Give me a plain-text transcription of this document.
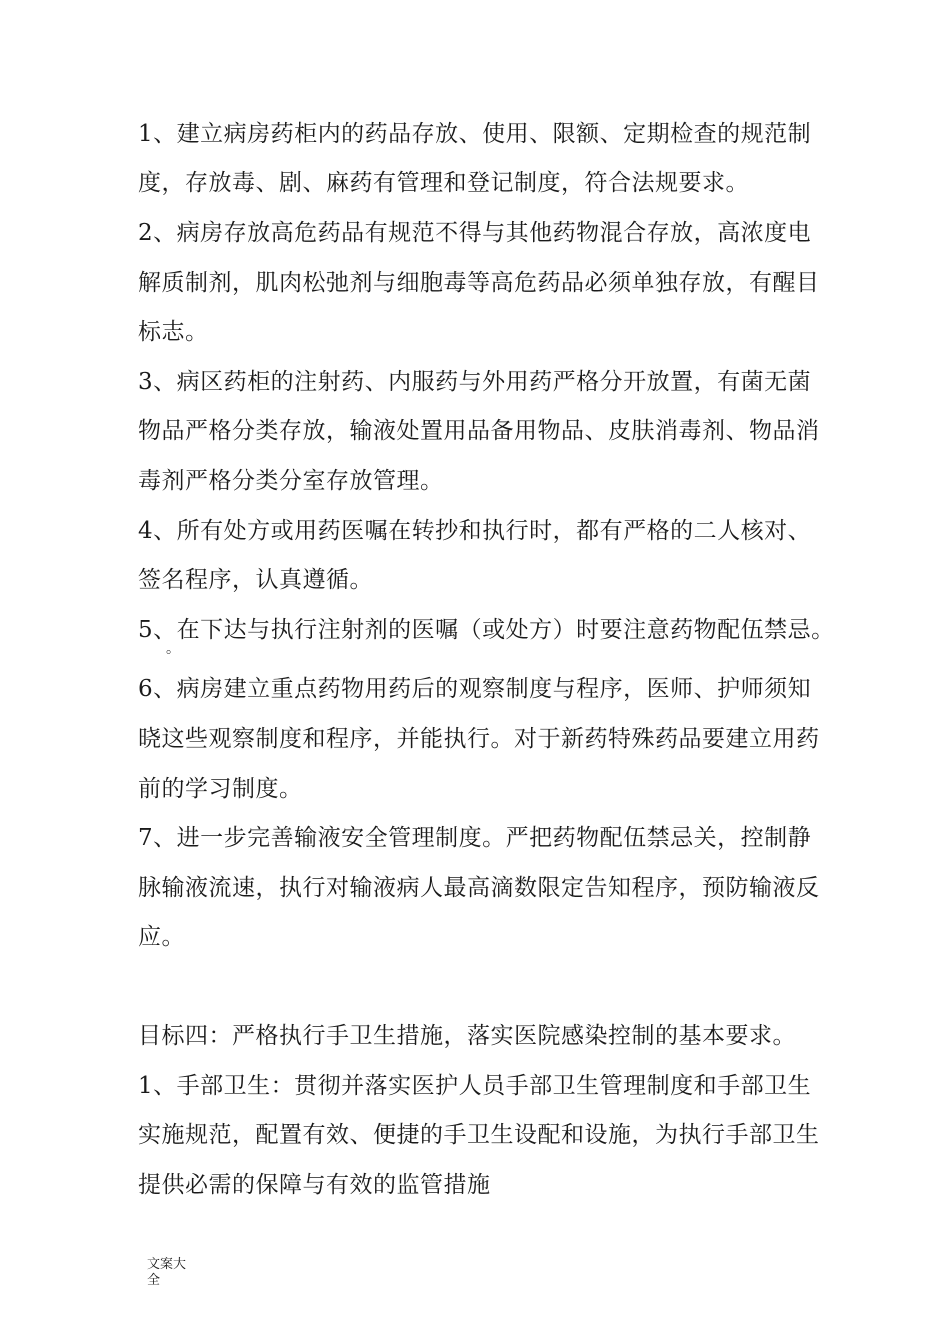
1、建立病房药柜内的药品存放、使用、限额、定期检查的规范制
度，存放毒、剧、麻药有管理和登记制度，符合法规要求。
2、病房存放高危药品有规范不得与其他药物混合存放，高浓度电
解质制剂，肌肉松弛剂与细胞毒等高危药品必须单独存放，有醒目
标志。
3、病区药柜的注射药、内服药与外用药严格分开放置，有菌无菌
物品严格分类存放，输液处置用品备用物品、皮肤消毒剂、物品消
毒剂严格分类分室存放管理。
4、所有处方或用药医嘱在转抄和执行时，都有严格的二人核对、
签名程序，认真遵循。
5、在下达与执行注射剂的医嘱（或处方）时要注意药物配伍禁忌。
。
6、病房建立重点药物用药后的观察制度与程序，医师、护师须知
晓这些观察制度和程序，并能执行。对于新药特殊药品要建立用药
前的学习制度。
7、进一步完善输液安全管理制度。严把药物配伍禁忌关，控制静
脉输液流速，执行对输液病人最高滴数限定告知程序，预防输液反
应。
目标四：严格执行手卫生措施，落实医院感染控制的基本要求。
1、手部卫生：贯彻并落实医护人员手部卫生管理制度和手部卫生
实施规范，配置有效、便捷的手卫生设配和设施，为执行手部卫生
提供必需的保障与有效的监管措施
文案大
全
